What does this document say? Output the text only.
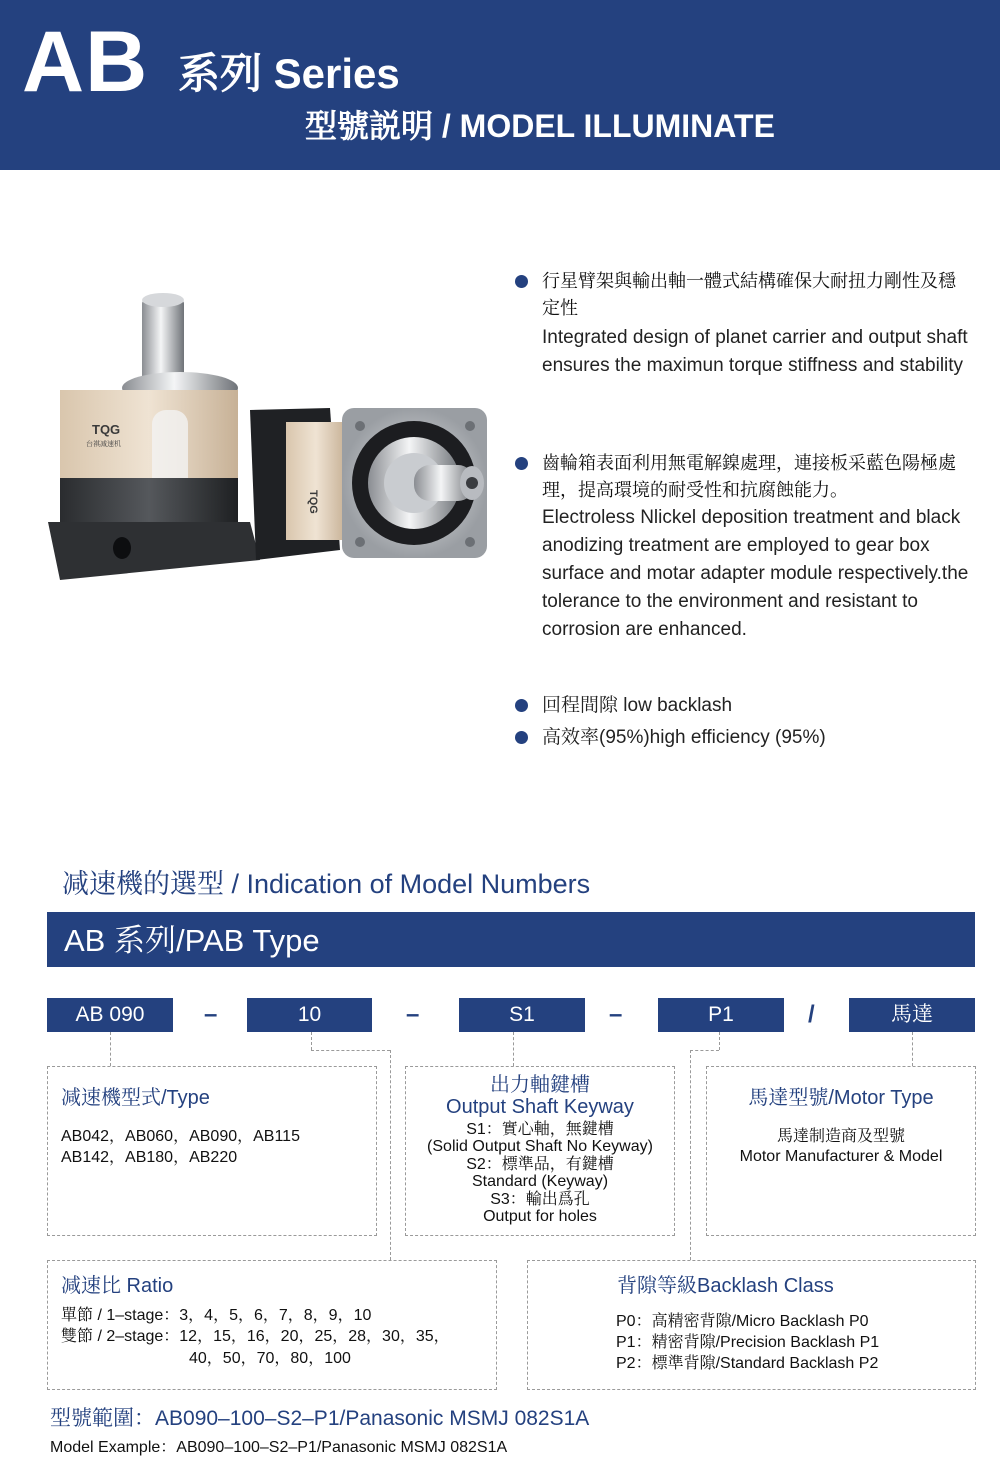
AB 系列 Series
型號説明 / MODEL ILLUMINATE
TQG
台祺减速机
TQG
行星臂架與輸出軸一體式結構確保大耐扭力剛性及穩定性
Integrated design of planet carrier and output shaft ensures the maximun torque stiffness and stability
齒輪箱表面利用無電解鎳處理，連接板采藍色陽極處理，提高環境的耐受性和抗腐蝕能力。
Electroless Nlickel deposition treatment and black anodizing treatment are employed to gear box surface and motar adapter module respectively.the tolerance to the environment and resistant to corrosion are enhanced.
回程間隙 low backlash
高效率(95%)high efficiency (95%)
减速機的選型 / Indication of Model Numbers
AB 系列/PAB Type
AB 090	–	10	–	S1	–	P1	/	馬達
减速機型式/Type
AB042，AB060，AB090，AB115
AB142，AB180，AB220
出力軸鍵槽
Output Shaft Keyway
S1：實心軸，無鍵槽
(Solid Output Shaft No Keyway)
S2：標準品，有鍵槽
Standard (Keyway)
S3：輸出爲孔
Output for holes
馬達型號/Motor Type
馬達制造商及型號
Motor Manufacturer & Model
减速比 Ratio
單節 / 1–stage：3，4，5，6，7，8，9，10
雙節 / 2–stage：12，15，16，20，25，28，30，35，
40，50，70，80，100
背隙等級Backlash Class
P0：高精密背隙/Micro Backlash P0
P1：精密背隙/Precision Backlash P1
P2：標準背隙/Standard Backlash P2
型號範圍：AB090–100–S2–P1/Panasonic MSMJ 082S1A
Model Example：AB090–100–S2–P1/Panasonic MSMJ 082S1A
